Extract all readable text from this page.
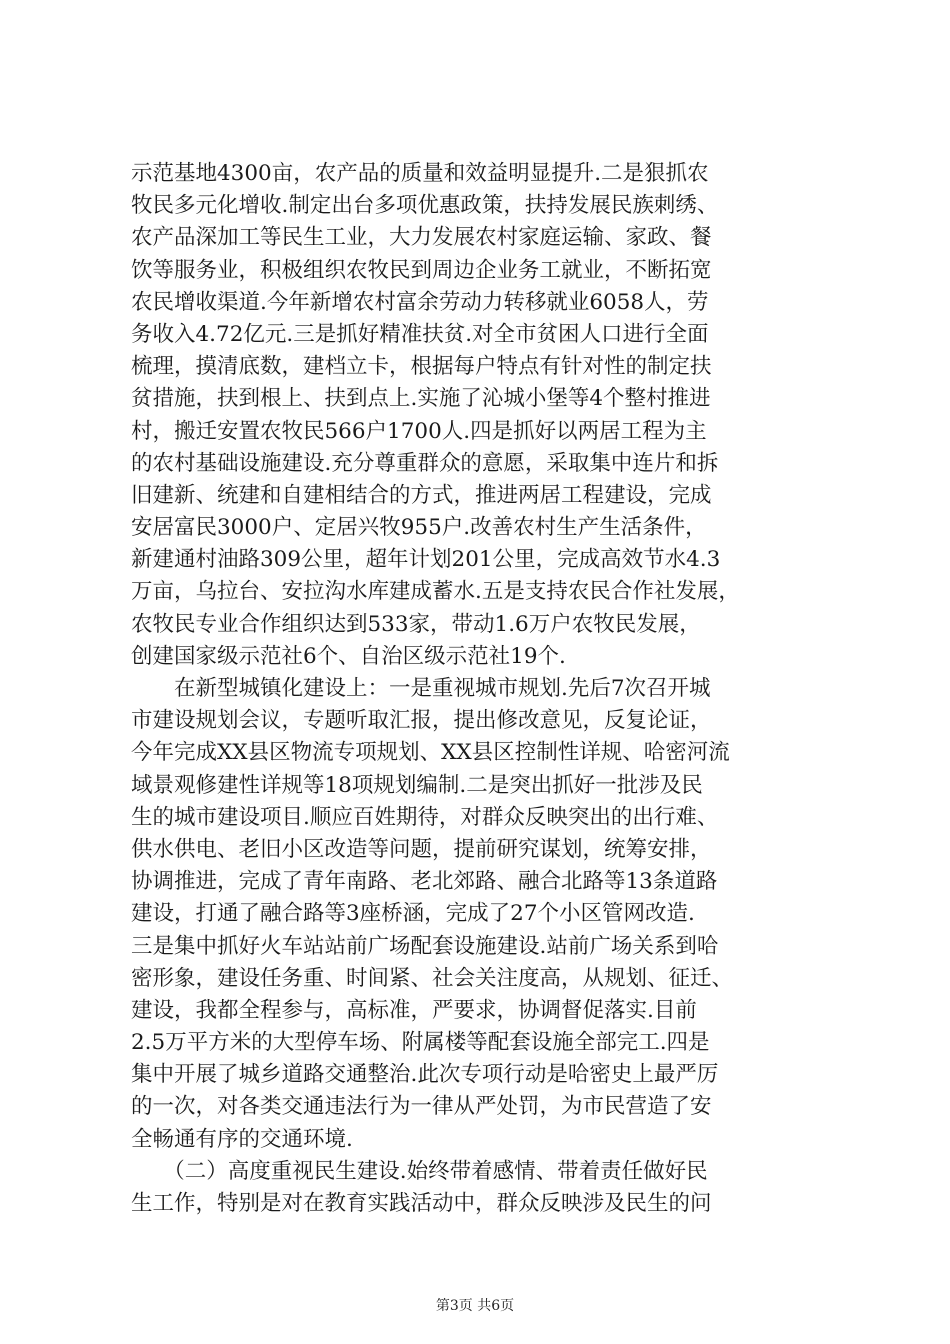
示范基地4300亩，农产品的质量和效益明显提升.二是狠抓农
牧民多元化增收.制定出台多项优惠政策，扶持发展民族刺绣、
农产品深加工等民生工业，大力发展农村家庭运输、家政、餐
饮等服务业，积极组织农牧民到周边企业务工就业，不断拓宽
农民增收渠道.今年新增农村富余劳动力转移就业6058人，劳
务收入4.72亿元.三是抓好精准扶贫.对全市贫困人口进行全面
梳理，摸清底数，建档立卡，根据每户特点有针对性的制定扶
贫措施，扶到根上、扶到点上.实施了沁城小堡等4个整村推进
村，搬迁安置农牧民566户1700人.四是抓好以两居工程为主
的农村基础设施建设.充分尊重群众的意愿，采取集中连片和拆
旧建新、统建和自建相结合的方式，推进两居工程建设，完成
安居富民3000户、定居兴牧955户.改善农村生产生活条件，
新建通村油路309公里，超年计划201公里，完成高效节水4.3
万亩，乌拉台、安拉沟水库建成蓄水.五是支持农民合作社发展，
农牧民专业合作组织达到533家，带动1.6万户农牧民发展，
创建国家级示范社6个、自治区级示范社19个.
　　在新型城镇化建设上：一是重视城市规划.先后7次召开城
市建设规划会议，专题听取汇报，提出修改意见，反复论证，
今年完成XX县区物流专项规划、XX县区控制性详规、哈密河流
域景观修建性详规等18项规划编制.二是突出抓好一批涉及民
生的城市建设项目.顺应百姓期待，对群众反映突出的出行难、
供水供电、老旧小区改造等问题，提前研究谋划，统筹安排，
协调推进，完成了青年南路、老北郊路、融合北路等13条道路
建设，打通了融合路等3座桥涵，完成了27个小区管网改造.
三是集中抓好火车站站前广场配套设施建设.站前广场关系到哈
密形象，建设任务重、时间紧、社会关注度高，从规划、征迁、
建设，我都全程参与，高标准，严要求，协调督促落实.目前
2.5万平方米的大型停车场、附属楼等配套设施全部完工.四是
集中开展了城乡道路交通整治.此次专项行动是哈密史上最严厉
的一次，对各类交通违法行为一律从严处罚，为市民营造了安
全畅通有序的交通环境.
　　（二）高度重视民生建设.始终带着感情、带着责任做好民
生工作，特别是对在教育实践活动中，群众反映涉及民生的问
第3页 共6页
